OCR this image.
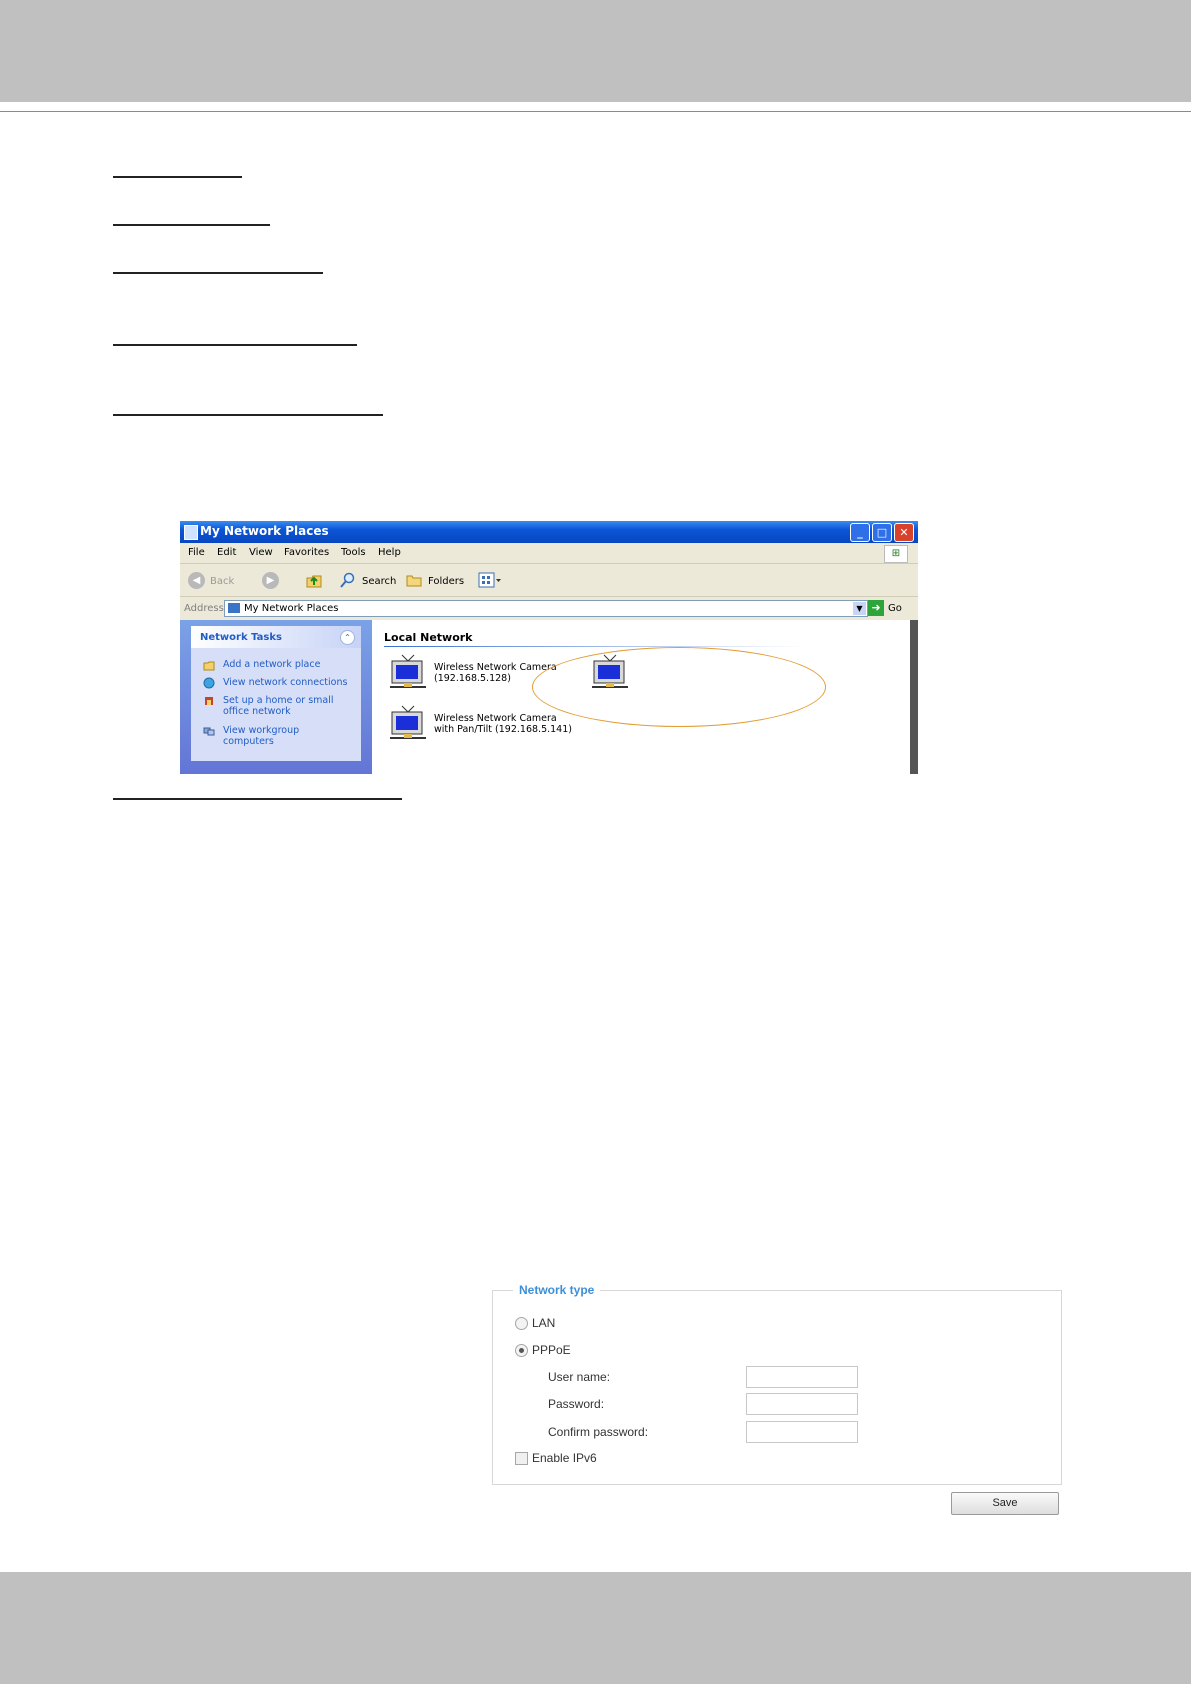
My Network Places	_	□	✕
File Edit View Favorites Tools Help	⊞
◀ Back	▶	Search	Folders
Address My Network Places	▼ ➜ Go
Network Tasks	⌃
Add a network place
View network connections
Set up a home or small office network
View workgroup computers
Local Network
Wireless Network Camera (192.168.5.128)
Wireless Network Camera with Pan/Tilt (192.168.5.141)
Network type
LAN
PPPoE
User name:
Password:
Confirm password:
Enable IPv6
Save
